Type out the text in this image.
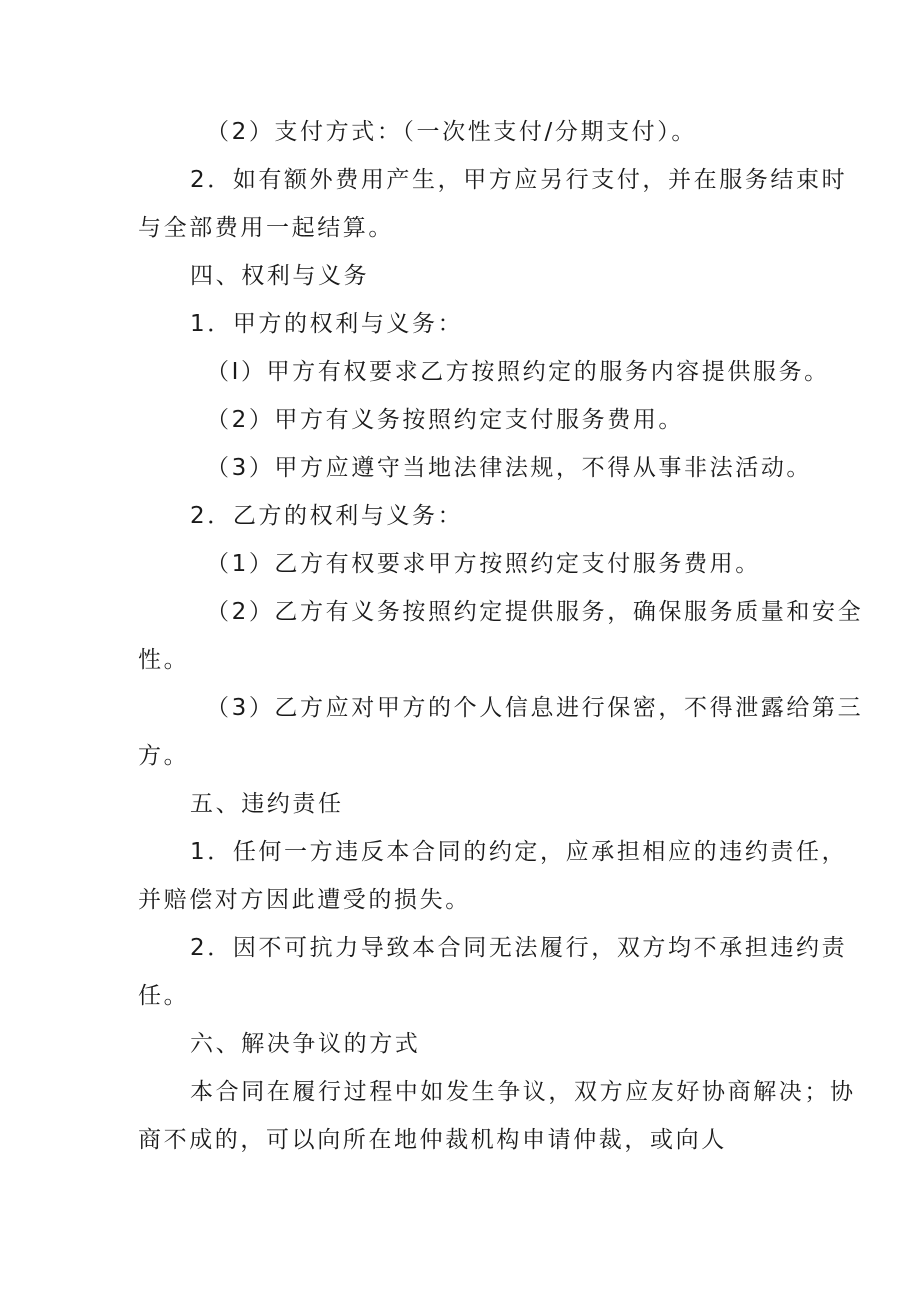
（2）支付方式：（一次性支付/分期支付）。

2．如有额外费用产生，甲方应另行支付，并在服务结束时

与全部费用一起结算。

四、权利与义务

1．甲方的权利与义务：

（I）甲方有权要求乙方按照约定的服务内容提供服务。

（2）甲方有义务按照约定支付服务费用。

（3）甲方应遵守当地法律法规，不得从事非法活动。

2．乙方的权利与义务：

（1）乙方有权要求甲方按照约定支付服务费用。

（2）乙方有义务按照约定提供服务，确保服务质量和安全

性。

（3）乙方应对甲方的个人信息进行保密，不得泄露给第三

方。

五、违约责任

1．任何一方违反本合同的约定，应承担相应的违约责任，

并赔偿对方因此遭受的损失。

2．因不可抗力导致本合同无法履行，双方均不承担违约责

任。

六、解决争议的方式

本合同在履行过程中如发生争议，双方应友好协商解决；协

商不成的，可以向所在地仲裁机构申请仲裁，或向人
